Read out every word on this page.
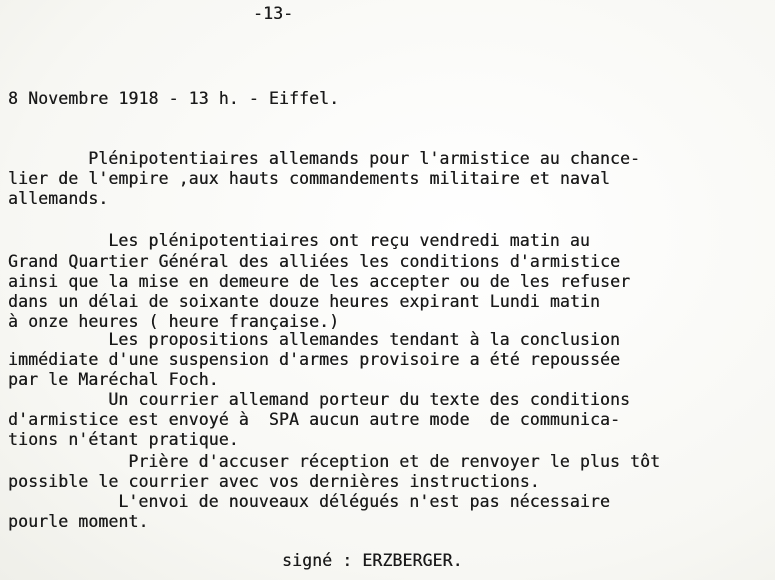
-13-
8 Novembre 1918 - 13 h. - Eiffel.
Plénipotentiaires allemands pour l'armistice au chance-
lier de l'empire ,aux hauts commandements militaire et naval
allemands.
Les plénipotentiaires ont reçu vendredi matin au
Grand Quartier Général des alliées les conditions d'armistice
ainsi que la mise en demeure de les accepter ou de les refuser
dans un délai de soixante douze heures expirant Lundi matin
à onze heures ( heure française.)
Les propositions allemandes tendant à la conclusion
immédiate d'une suspension d'armes provisoire a été repoussée
par le Maréchal Foch.
Un courrier allemand porteur du texte des conditions
d'armistice est envoyé à  SPA aucun autre mode  de communica-
tions n'étant pratique.
Prière d'accuser réception et de renvoyer le plus tôt
possible le courrier avec vos dernières instructions.
L'envoi de nouveaux délégués n'est pas nécessaire
pourle moment.
signé : ERZBERGER.
